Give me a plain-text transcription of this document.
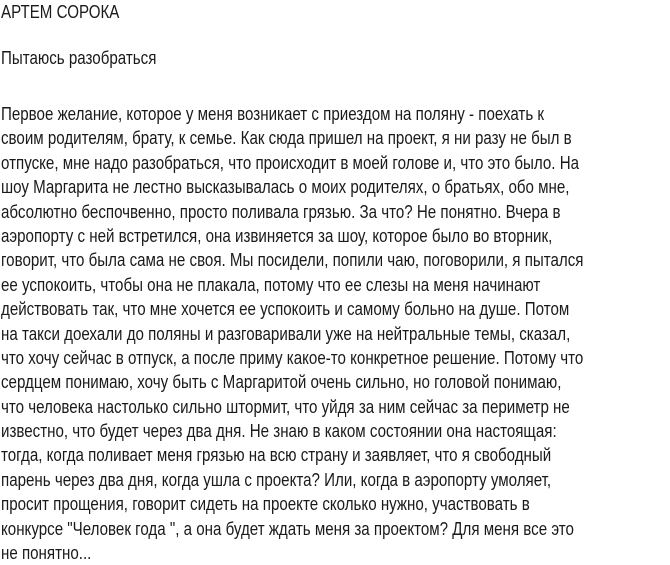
АРТЕМ СОРОКА
Пытаюсь разобраться
Первое желание, которое у меня возникает с приездом на поляну - поехать к
своим родителям, брату, к семье. Как сюда пришел на проект, я ни разу не был в
отпуске, мне надо разобраться, что происходит в моей голове и, что это было. На
шоу Маргарита не лестно высказывалась о моих родителях, о братьях, обо мне,
абсолютно беспочвенно, просто поливала грязью. За что? Не понятно. Вчера в
аэропорту с ней встретился, она извиняется за шоу, которое было во вторник,
говорит, что была сама не своя. Мы посидели, попили чаю, поговорили, я пытался
ее успокоить, чтобы она не плакала, потому что ее слезы на меня начинают
действовать так, что мне хочется ее успокоить и самому больно на душе. Потом
на такси доехали до поляны и разговаривали уже на нейтральные темы, сказал,
что хочу сейчас в отпуск, а после приму какое-то конкретное решение. Потому что
сердцем понимаю, хочу быть с Маргаритой очень сильно, но головой понимаю,
что человека настолько сильно штормит, что уйдя за ним сейчас за периметр не
известно, что будет через два дня. Не знаю в каком состоянии она настоящая:
тогда, когда поливает меня грязью на всю страну и заявляет, что я свободный
парень через два дня, когда ушла с проекта? Или, когда в аэропорту умоляет,
просит прощения, говорит сидеть на проекте сколько нужно, участвовать в
конкурсе "Человек года ", а она будет ждать меня за проектом? Для меня все это
не понятно...
